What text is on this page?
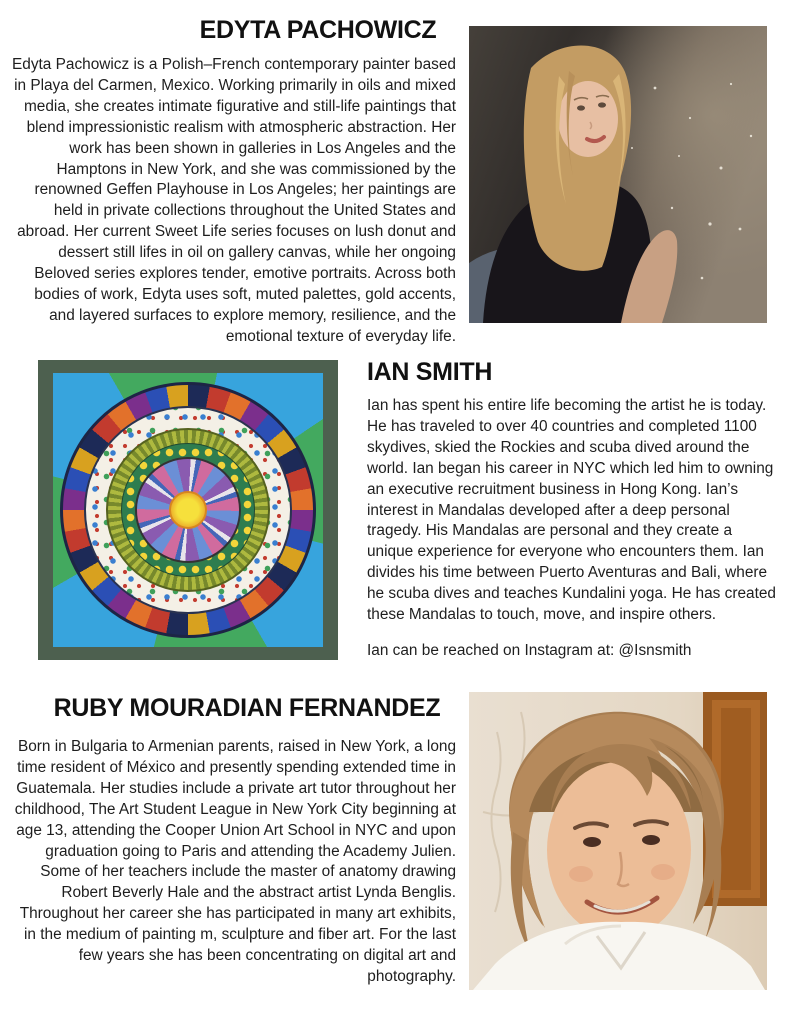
EDYTA PACHOWICZ
Edyta Pachowicz is a Polish–French contemporary painter based in Playa del Carmen, Mexico. Working primarily in oils and mixed media, she creates intimate figurative and still-life paintings that blend impressionistic realism with atmospheric abstraction. Her work has been shown in galleries in Los Angeles and the Hamptons in New York, and she was commissioned by the renowned Geffen Playhouse in Los Angeles; her paintings are held in private collections throughout the United States and abroad. Her current Sweet Life series focuses on lush donut and dessert still lifes in oil on gallery canvas, while her ongoing Beloved series explores tender, emotive portraits. Across both bodies of work, Edyta uses soft, muted palettes, gold accents, and layered surfaces to explore memory, resilience, and the emotional texture of everyday life.
IAN SMITH
Ian has spent his entire life becoming the artist he is today. He has traveled to over 40 countries and completed 1100 skydives, skied the Rockies and scuba dived around the world. Ian began his career in NYC which led him to owning an executive recruitment business in Hong Kong. Ian’s interest in Mandalas developed after a deep personal tragedy. His Mandalas are personal and they create a unique experience for everyone who encounters them. Ian divides his time between Puerto Aventuras and Bali, where he scuba dives and teaches Kundalini yoga. He has created these Mandalas to touch, move, and inspire others.
Ian can be reached on Instagram at: @Isnsmith
RUBY MOURADIAN FERNANDEZ
Born in Bulgaria to Armenian parents, raised in New York, a long time resident of México and presently spending extended time in Guatemala. Her studies include a private art tutor throughout her childhood, The Art Student League in New York City beginning at age 13, attending the Cooper Union Art School in NYC and upon graduation going to Paris and attending the Academy Julien. Some of her teachers include the master of anatomy drawing Robert Beverly Hale and the abstract artist Lynda Benglis. Throughout her career she has participated in many art exhibits, in the medium of painting m, sculpture and fiber art. For the last few years she has been concentrating on digital art and photography.
